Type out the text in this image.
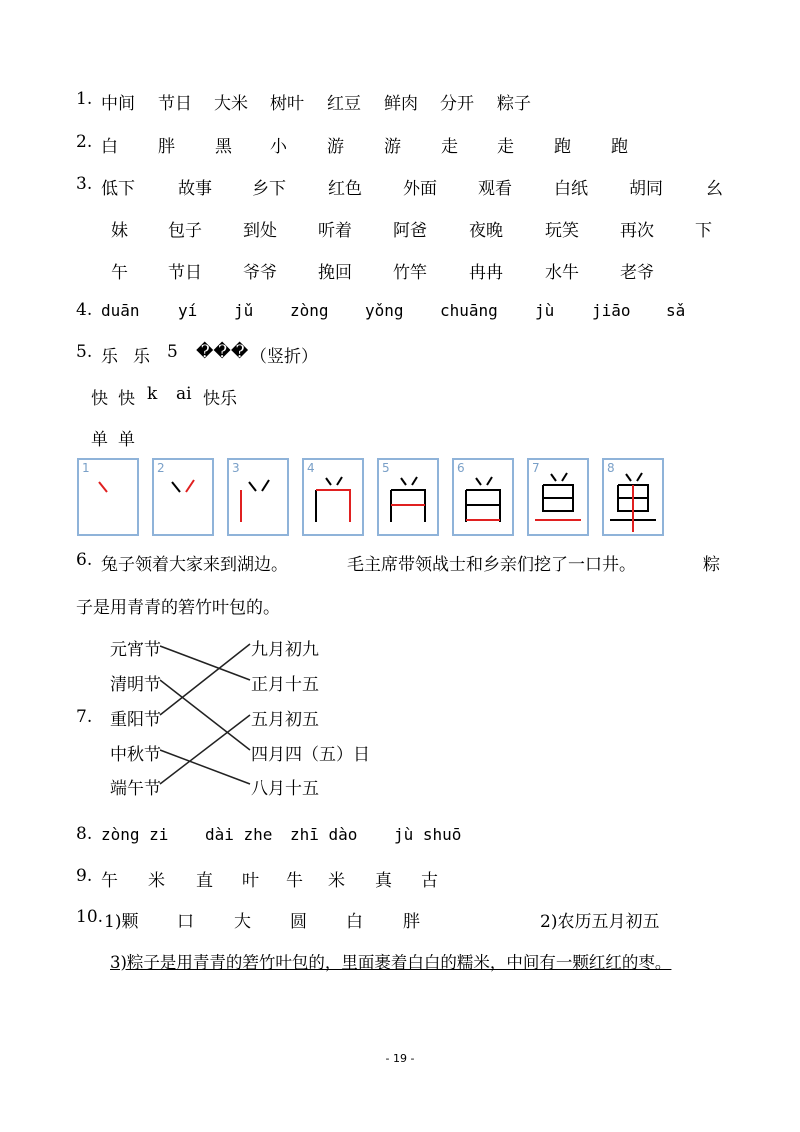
1. 中间 节日 大米 树叶 红豆 鲜肉 分开 粽子
2. 白 胖 黑 小 游 游 走 走 跑 跑
3. 低下	故事 乡下 红色 外面 观看 白纸 胡同	幺
妹 包子 到处 听着 阿爸 夜晚 玩笑 再次 下
午 节日 爷爷 挽回 竹竿 冉冉 水牛 老爷
4. duān yí jǔ zòng yǒng chuāng jù jiāo sǎ
5. 乐 乐 5 ��� （竖折）
快 快 k ai 快乐
单 单
1	2	3	4	5	6	7	8
6. 兔子领着大家来到湖边。	毛主席带领战士和乡亲们挖了一口井。	粽
子是用青青的箬竹叶包的。
7.
元宵节
清明节
重阳节
中秋节
端午节
九月初九
正月十五
五月初五
四月四（五）日
八月十五
8. zòng zi dài zhe zhī dào jù shuō
9. 午 米 直 叶 牛 米 真 古
10. 1)颗 口 大 圆 白 胖	2)农历五月初五
3)粽子是用青青的箬竹叶包的，里面裹着白白的糯米，中间有一颗红红的枣。
- 19 -
